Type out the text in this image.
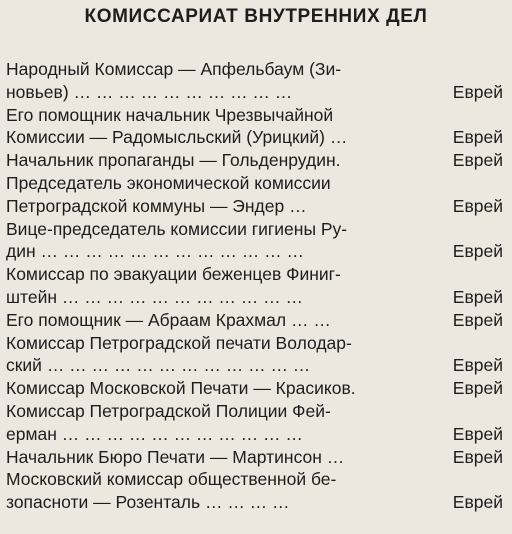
КОМИССАРИАТ ВНУТРЕННИХ ДЕЛ
Народный Комиссар — Апфельбаум (Зи-
новьев) … … … … … … … … … …	Еврей
Его помощник начальник Чрезвычайной
Комиссии — Радомысльский (Урицкий) …	Еврей
Начальник пропаганды — Гольденрудин.	Еврей
Председатель экономической комиссии
Петроградской коммуны — Эндер …	Еврей
Вице-председатель комиссии гигиены Ру-
дин … … … … … … … … … … … …	Еврей
Комиссар по эвакуации беженцев Финиг-
штейн … … … … … … … … … … …	Еврей
Его помощник — Абраам Крахмал … …	Еврей
Комиссар Петроградской печати Володар-
ский … … … … … … … … … … … …	Еврей
Комиссар Московской Печати — Красиков.	Еврей
Комиссар Петроградской Полиции Фей-
ерман … … … … … … … … … … …	Еврей
Начальник Бюро Печати — Мартинсон …	Еврей
Московский комиссар общественной бе-
зопасноти — Розенталь … … … …	Еврей
